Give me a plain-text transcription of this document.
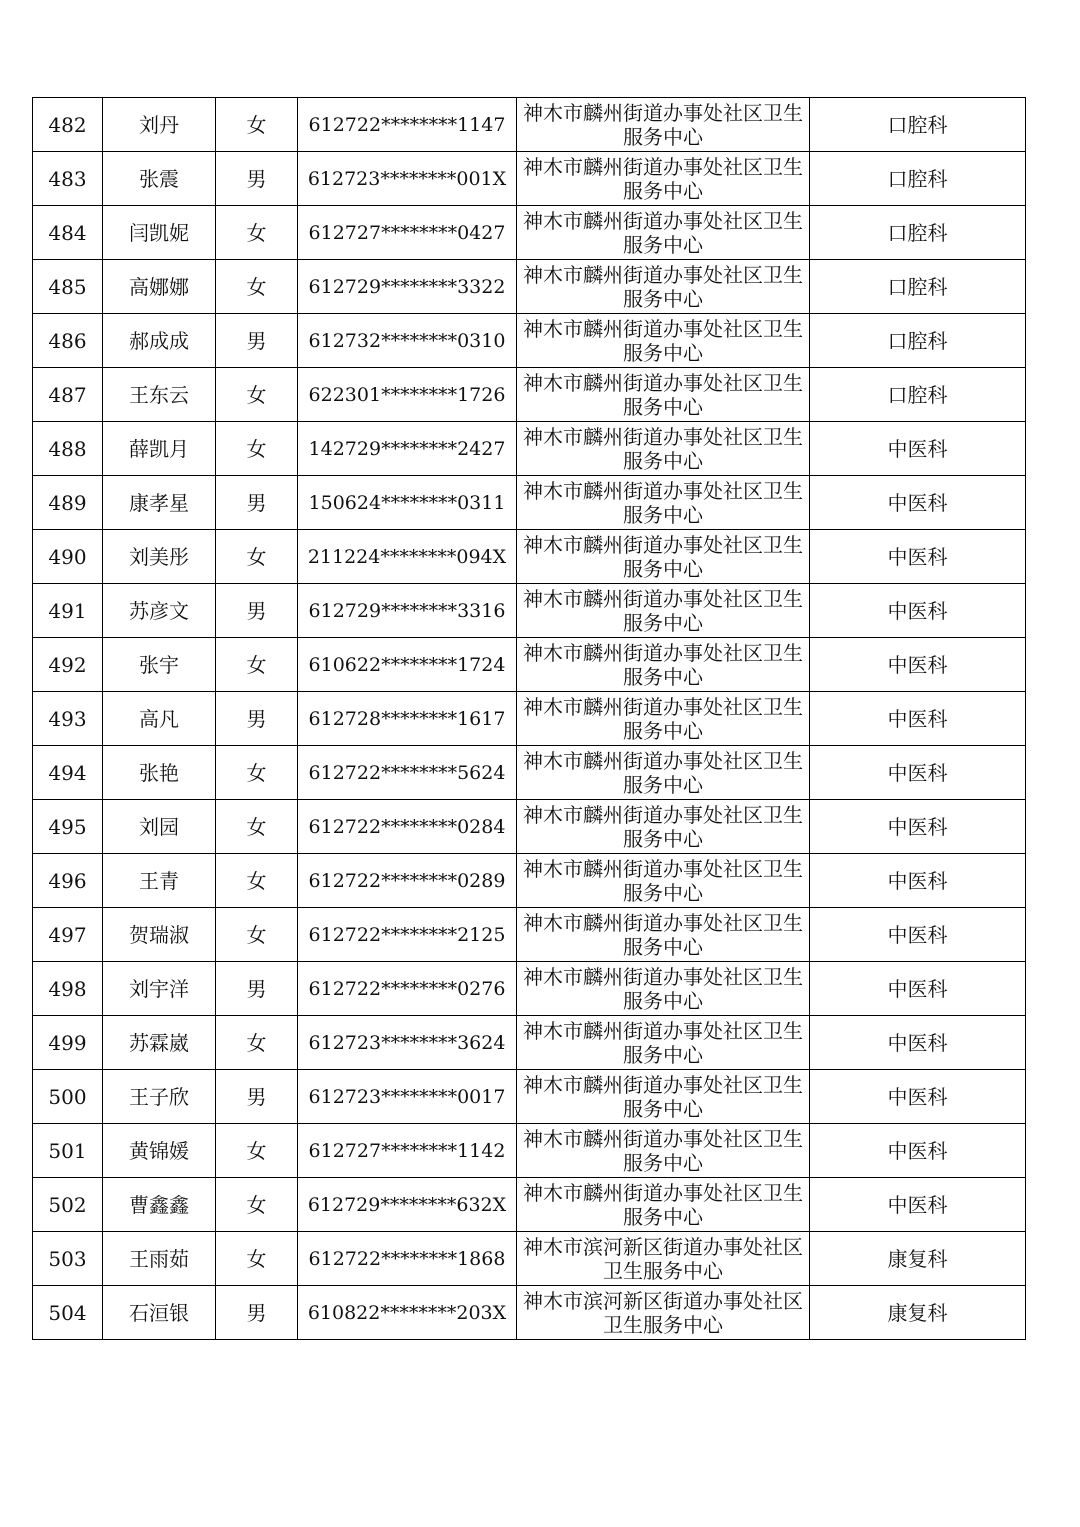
482	刘丹	女	612722********1147	神木市麟州街道办事处社区卫生服务中心	口腔科
483	张震	男	612723********001X	神木市麟州街道办事处社区卫生服务中心	口腔科
484	闫凯妮	女	612727********0427	神木市麟州街道办事处社区卫生服务中心	口腔科
485	高娜娜	女	612729********3322	神木市麟州街道办事处社区卫生服务中心	口腔科
486	郝成成	男	612732********0310	神木市麟州街道办事处社区卫生服务中心	口腔科
487	王东云	女	622301********1726	神木市麟州街道办事处社区卫生服务中心	口腔科
488	薛凯月	女	142729********2427	神木市麟州街道办事处社区卫生服务中心	中医科
489	康孝星	男	150624********0311	神木市麟州街道办事处社区卫生服务中心	中医科
490	刘美彤	女	211224********094X	神木市麟州街道办事处社区卫生服务中心	中医科
491	苏彦文	男	612729********3316	神木市麟州街道办事处社区卫生服务中心	中医科
492	张宇	女	610622********1724	神木市麟州街道办事处社区卫生服务中心	中医科
493	高凡	男	612728********1617	神木市麟州街道办事处社区卫生服务中心	中医科
494	张艳	女	612722********5624	神木市麟州街道办事处社区卫生服务中心	中医科
495	刘园	女	612722********0284	神木市麟州街道办事处社区卫生服务中心	中医科
496	王青	女	612722********0289	神木市麟州街道办事处社区卫生服务中心	中医科
497	贺瑞淑	女	612722********2125	神木市麟州街道办事处社区卫生服务中心	中医科
498	刘宇洋	男	612722********0276	神木市麟州街道办事处社区卫生服务中心	中医科
499	苏霖崴	女	612723********3624	神木市麟州街道办事处社区卫生服务中心	中医科
500	王子欣	男	612723********0017	神木市麟州街道办事处社区卫生服务中心	中医科
501	黄锦媛	女	612727********1142	神木市麟州街道办事处社区卫生服务中心	中医科
502	曹鑫鑫	女	612729********632X	神木市麟州街道办事处社区卫生服务中心	中医科
503	王雨茹	女	612722********1868	神木市滨河新区街道办事处社区卫生服务中心	康复科
504	石洹银	男	610822********203X	神木市滨河新区街道办事处社区卫生服务中心	康复科
